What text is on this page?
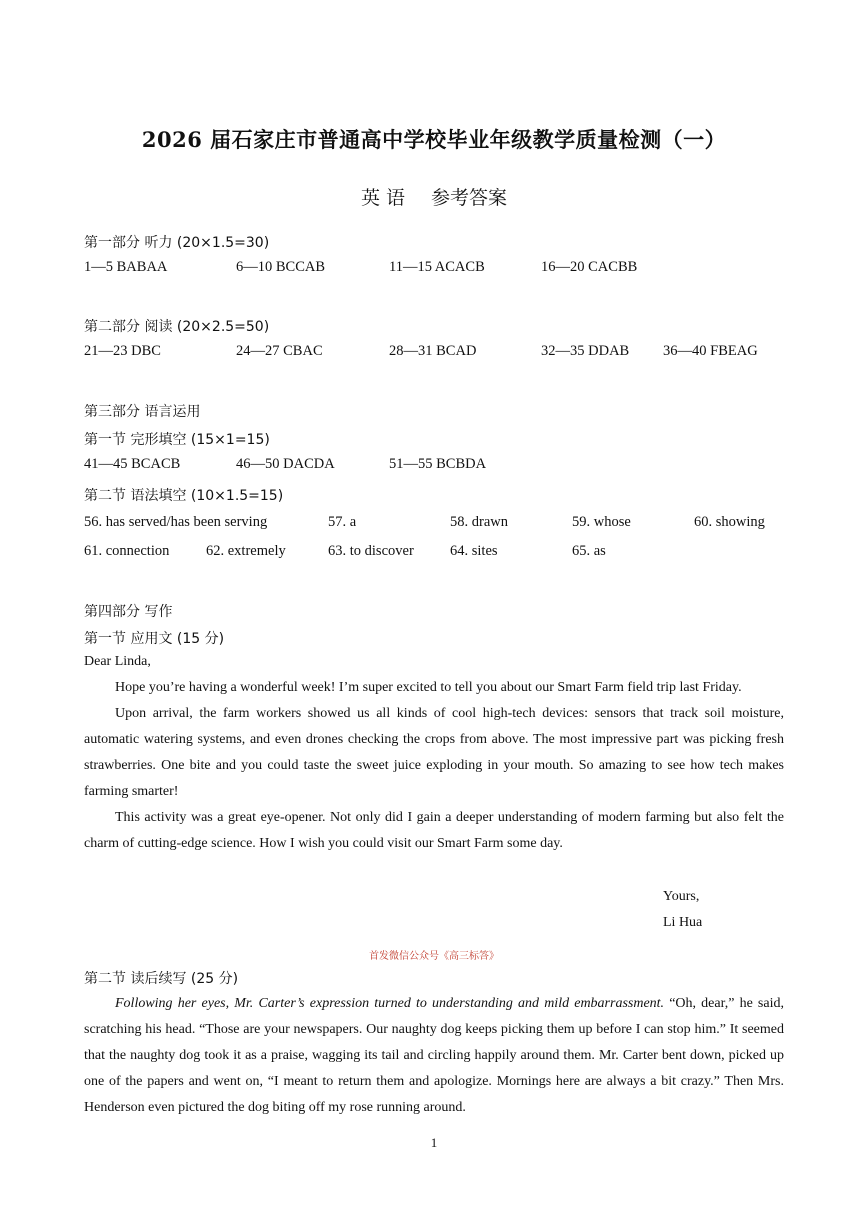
2026 届石家庄市普通高中学校毕业年级教学质量检测（一）
英 语 参考答案
第一部分 听力 (20×1.5=30)
1—5 BABAA	6—10 BCCAB	11—15 ACACB	16—20 CACBB
第二部分 阅读 (20×2.5=50)
21—23 DBC	24—27 CBAC	28—31 BCAD	32—35 DDAB 36—40 FBEAG
第三部分 语言运用
第一节 完形填空 (15×1=15)
41—45 BCACB	46—50 DACDA	51—55 BCBDA
第二节 语法填空 (10×1.5=15)
56. has served/has been serving	57. a	58. drawn	59. whose	60. showing
61. connection	62. extremely	63. to discover 64. sites	65. as
第四部分 写作
第一节 应用文 (15 分)

Dear Linda,

Hope you’re having a wonderful week! I’m super excited to tell you about our Smart Farm field trip last Friday.

Upon arrival, the farm workers showed us all kinds of cool high-tech devices: sensors that track soil moisture, automatic watering systems, and even drones checking the crops from above. The most impressive part was picking fresh strawberries. One bite and you could taste the sweet juice exploding in your mouth. So amazing to see how tech makes farming smarter!

This activity was a great eye-opener. Not only did I gain a deeper understanding of modern farming but also felt the charm of cutting-edge science. How I wish you could visit our Smart Farm some day.

Yours,
Li Hua
首发微信公众号《高三标答》
第二节 读后续写 (25 分)

Following her eyes, Mr. Carter’s expression turned to understanding and mild embarrassment. “Oh, dear,” he said, scratching his head. “Those are your newspapers. Our naughty dog keeps picking them up before I can stop him.” It seemed that the naughty dog took it as a praise, wagging its tail and circling happily around them. Mr. Carter bent down, picked up one of the papers and went on, “I meant to return them and apologize. Mornings here are always a bit crazy.” Then Mrs. Henderson even pictured the dog biting off my rose running around.

1
